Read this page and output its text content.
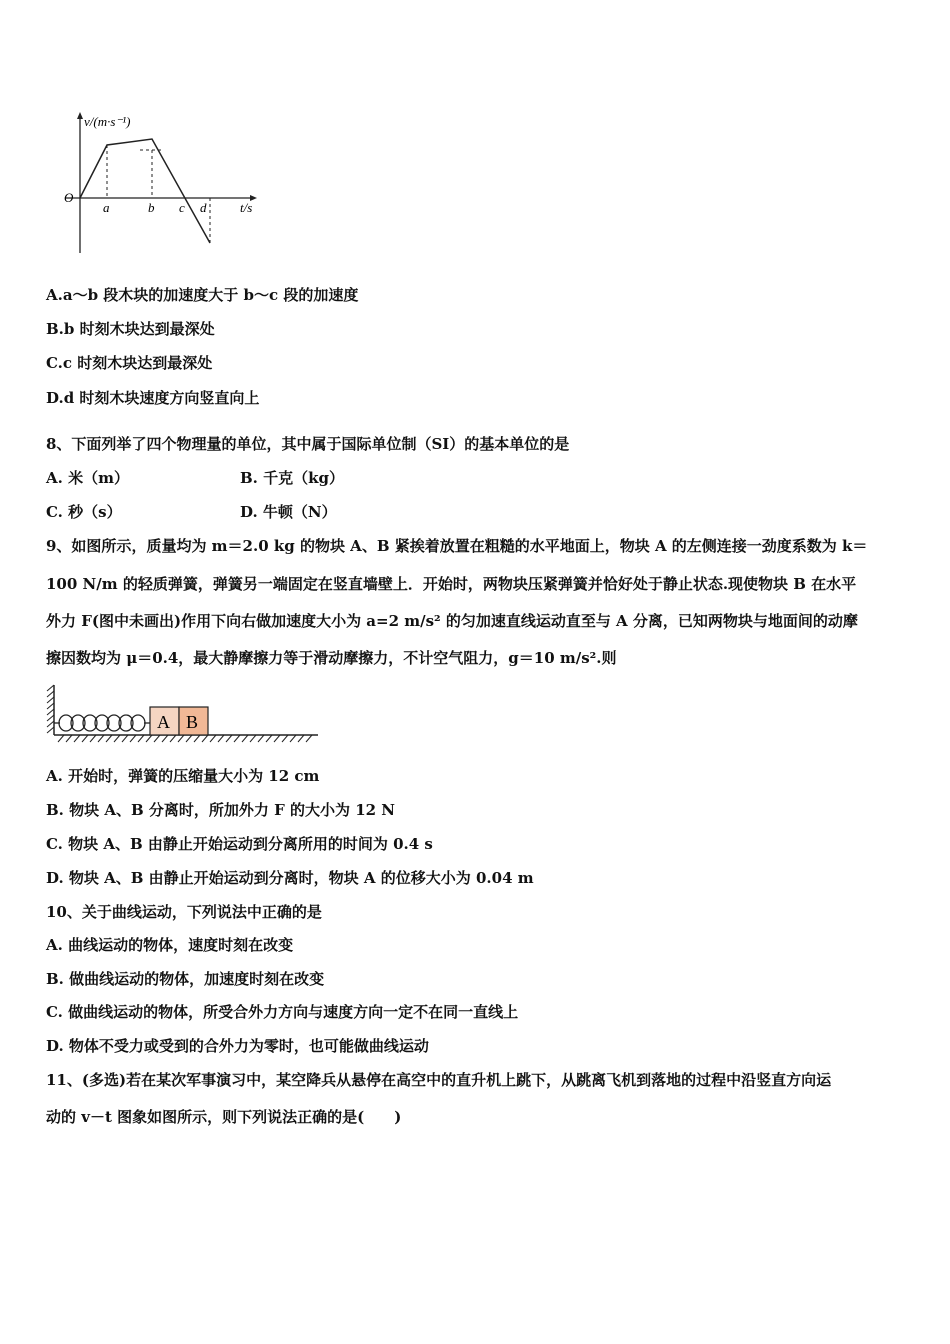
v/(m·s⁻¹)
O
a	b c d	t/s
A.a～b 段木块的加速度大于 b～c 段的加速度
B.b 时刻木块达到最深处
C.c 时刻木块达到最深处
D.d 时刻木块速度方向竖直向上
8、下面列举了四个物理量的单位，其中属于国际单位制（SI）的基本单位的是
A. 米（m）	B. 千克（kg）
C. 秒（s）	D. 牛顿（N）
9、如图所示，质量均为 m＝2.0 kg 的物块 A、B 紧挨着放置在粗糙的水平地面上，物块 A 的左侧连接一劲度系数为 k＝
100 N/m 的轻质弹簧，弹簧另一端固定在竖直墙壁上．开始时，两物块压紧弹簧并恰好处于静止状态.现使物块 B 在水平
外力 F(图中未画出)作用下向右做加速度大小为 a=2 m/s² 的匀加速直线运动直至与 A 分离，已知两物块与地面间的动摩
擦因数均为 μ＝0.4，最大静摩擦力等于滑动摩擦力，不计空气阻力，g＝10 m/s².则
A B
A. 开始时，弹簧的压缩量大小为 12 cm
B. 物块 A、B 分离时，所加外力 F 的大小为 12 N
C. 物块 A、B 由静止开始运动到分离所用的时间为 0.4 s
D. 物块 A、B 由静止开始运动到分离时，物块 A 的位移大小为 0.04 m
10、关于曲线运动，下列说法中正确的是
A. 曲线运动的物体，速度时刻在改变
B. 做曲线运动的物体，加速度时刻在改变
C. 做曲线运动的物体，所受合外力方向与速度方向一定不在同一直线上
D. 物体不受力或受到的合外力为零时，也可能做曲线运动
11、(多选)若在某次军事演习中，某空降兵从悬停在高空中的直升机上跳下，从跳离飞机到落地的过程中沿竖直方向运
动的 v－t 图象如图所示，则下列说法正确的是(　　)
